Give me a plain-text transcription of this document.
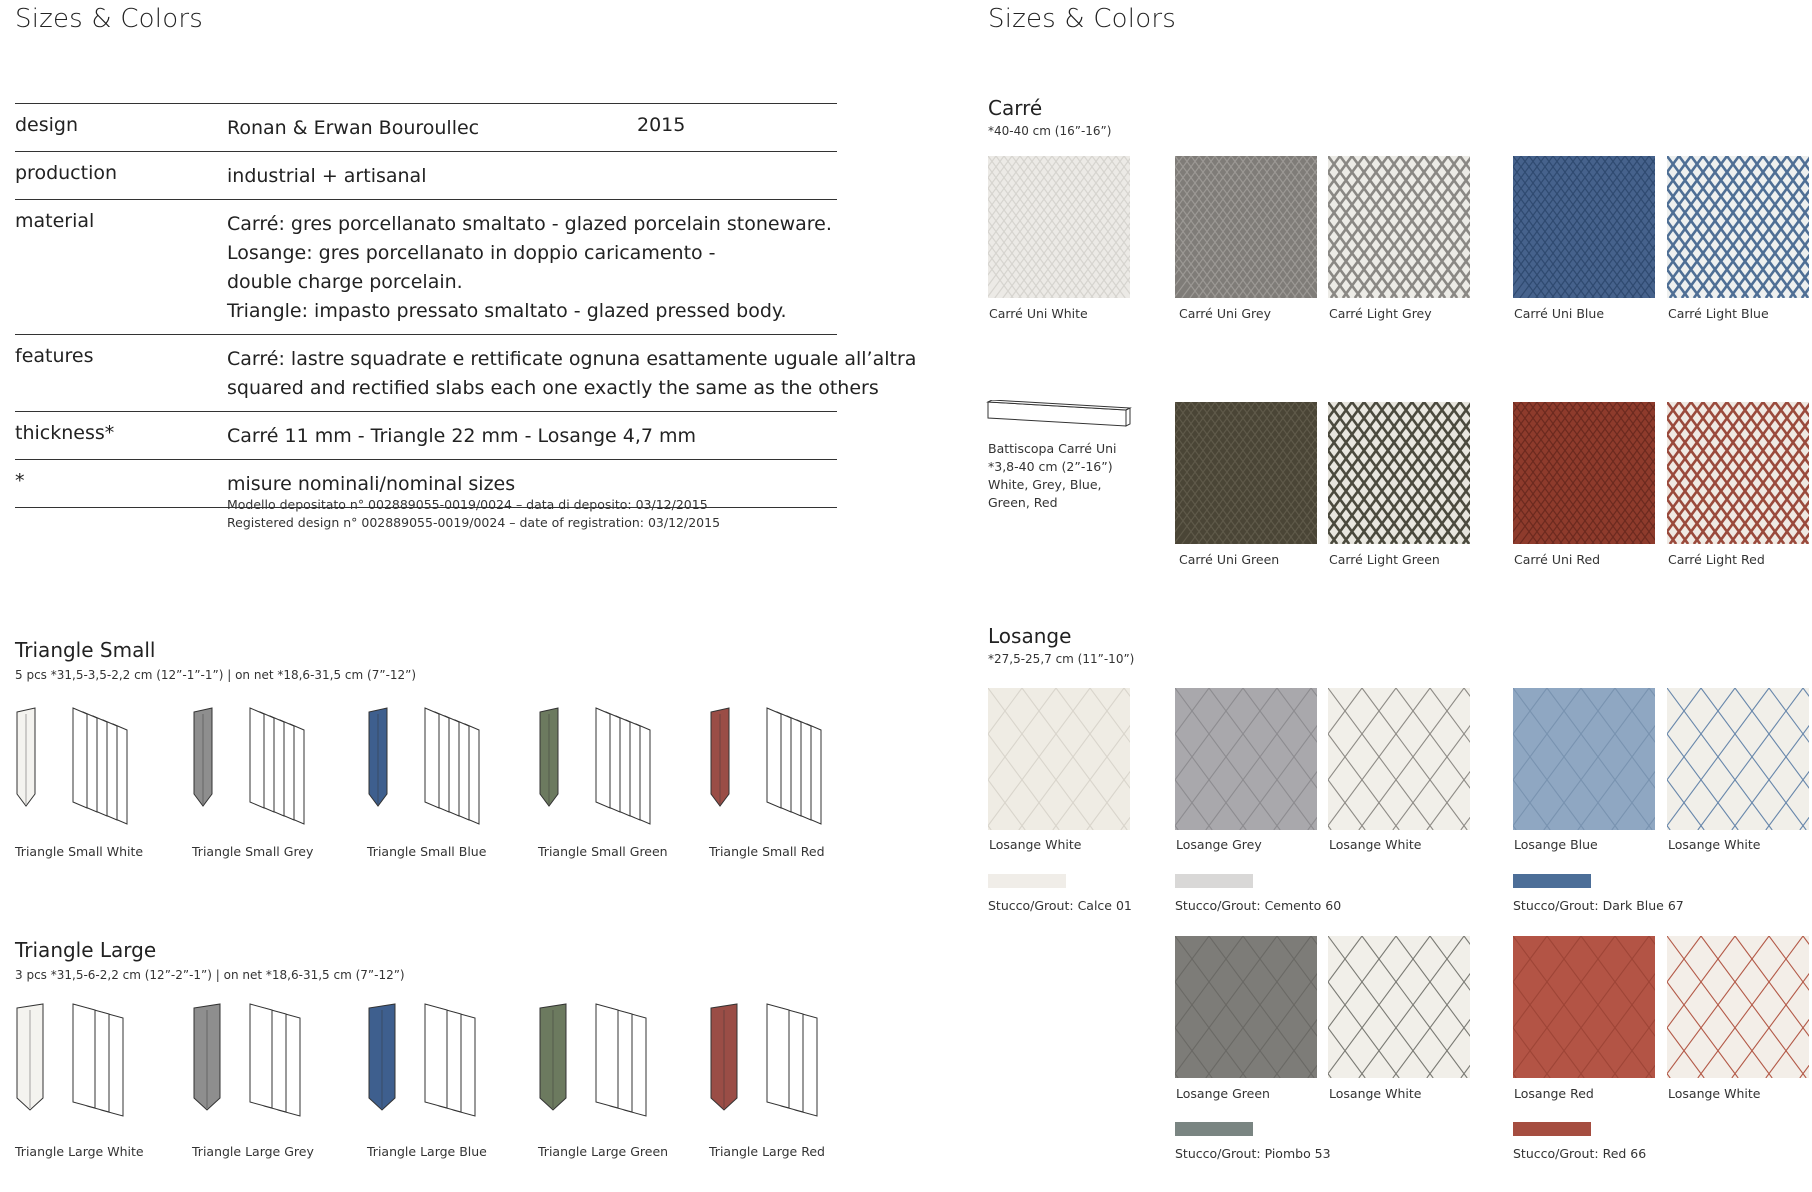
Sizes & Colors
design	Ronan & Erwan Bouroullec	2015
production	industrial + artisanal
material	Carré: gres porcellanato smaltato - glazed porcelain stoneware.
Losange: gres porcellanato in doppio caricamento -
double charge porcelain.
Triangle: impasto pressato smaltato - glazed pressed body.
features	Carré: lastre squadrate e rettificate ognuna esattamente uguale all’altra
squared and rectified slabs each one exactly the same as the others
thickness*	Carré 11 mm - Triangle 22 mm - Losange 4,7 mm
*	misure nominali/nominal sizes
Modello depositato n° 002889055-0019/0024 – data di deposito: 03/12/2015
Registered design n° 002889055-0019/0024 – date of registration: 03/12/2015
Triangle Small
5 pcs *31,5-3,5-2,2 cm (12”-1”-1”) | on net *18,6-31,5 cm (7”-12”)
Triangle Large
3 pcs *31,5-6-2,2 cm (12”-2”-1”) | on net *18,6-31,5 cm (7”-12”)
Sizes & Colors
Carré
*40-40 cm (16”-16”)
Battiscopa Carré Uni
*3,8-40 cm (2”-16”)
White, Grey, Blue,
Green, Red
Losange
*27,5-25,7 cm (11”-10”)
Triangle Small White	Triangle Small Grey	Triangle Small Blue	Triangle Small Green	Triangle Small Red
Triangle Large White	Triangle Large Grey	Triangle Large Blue	Triangle Large Green	Triangle Large Red
Carré Uni White	Carré Uni Grey	Carré Light Grey	Carré Uni Blue	Carré Light Blue
Carré Uni Green	Carré Light Green	Carré Uni Red	Carré Light Red
Losange White	Losange Grey	Losange White	Losange Blue	Losange White
Losange Green	Losange White	Losange Red	Losange White
Stucco/Grout: Calce 01	Stucco/Grout: Cemento 60	Stucco/Grout: Dark Blue 67
Stucco/Grout: Piombo 53	Stucco/Grout: Red 66
